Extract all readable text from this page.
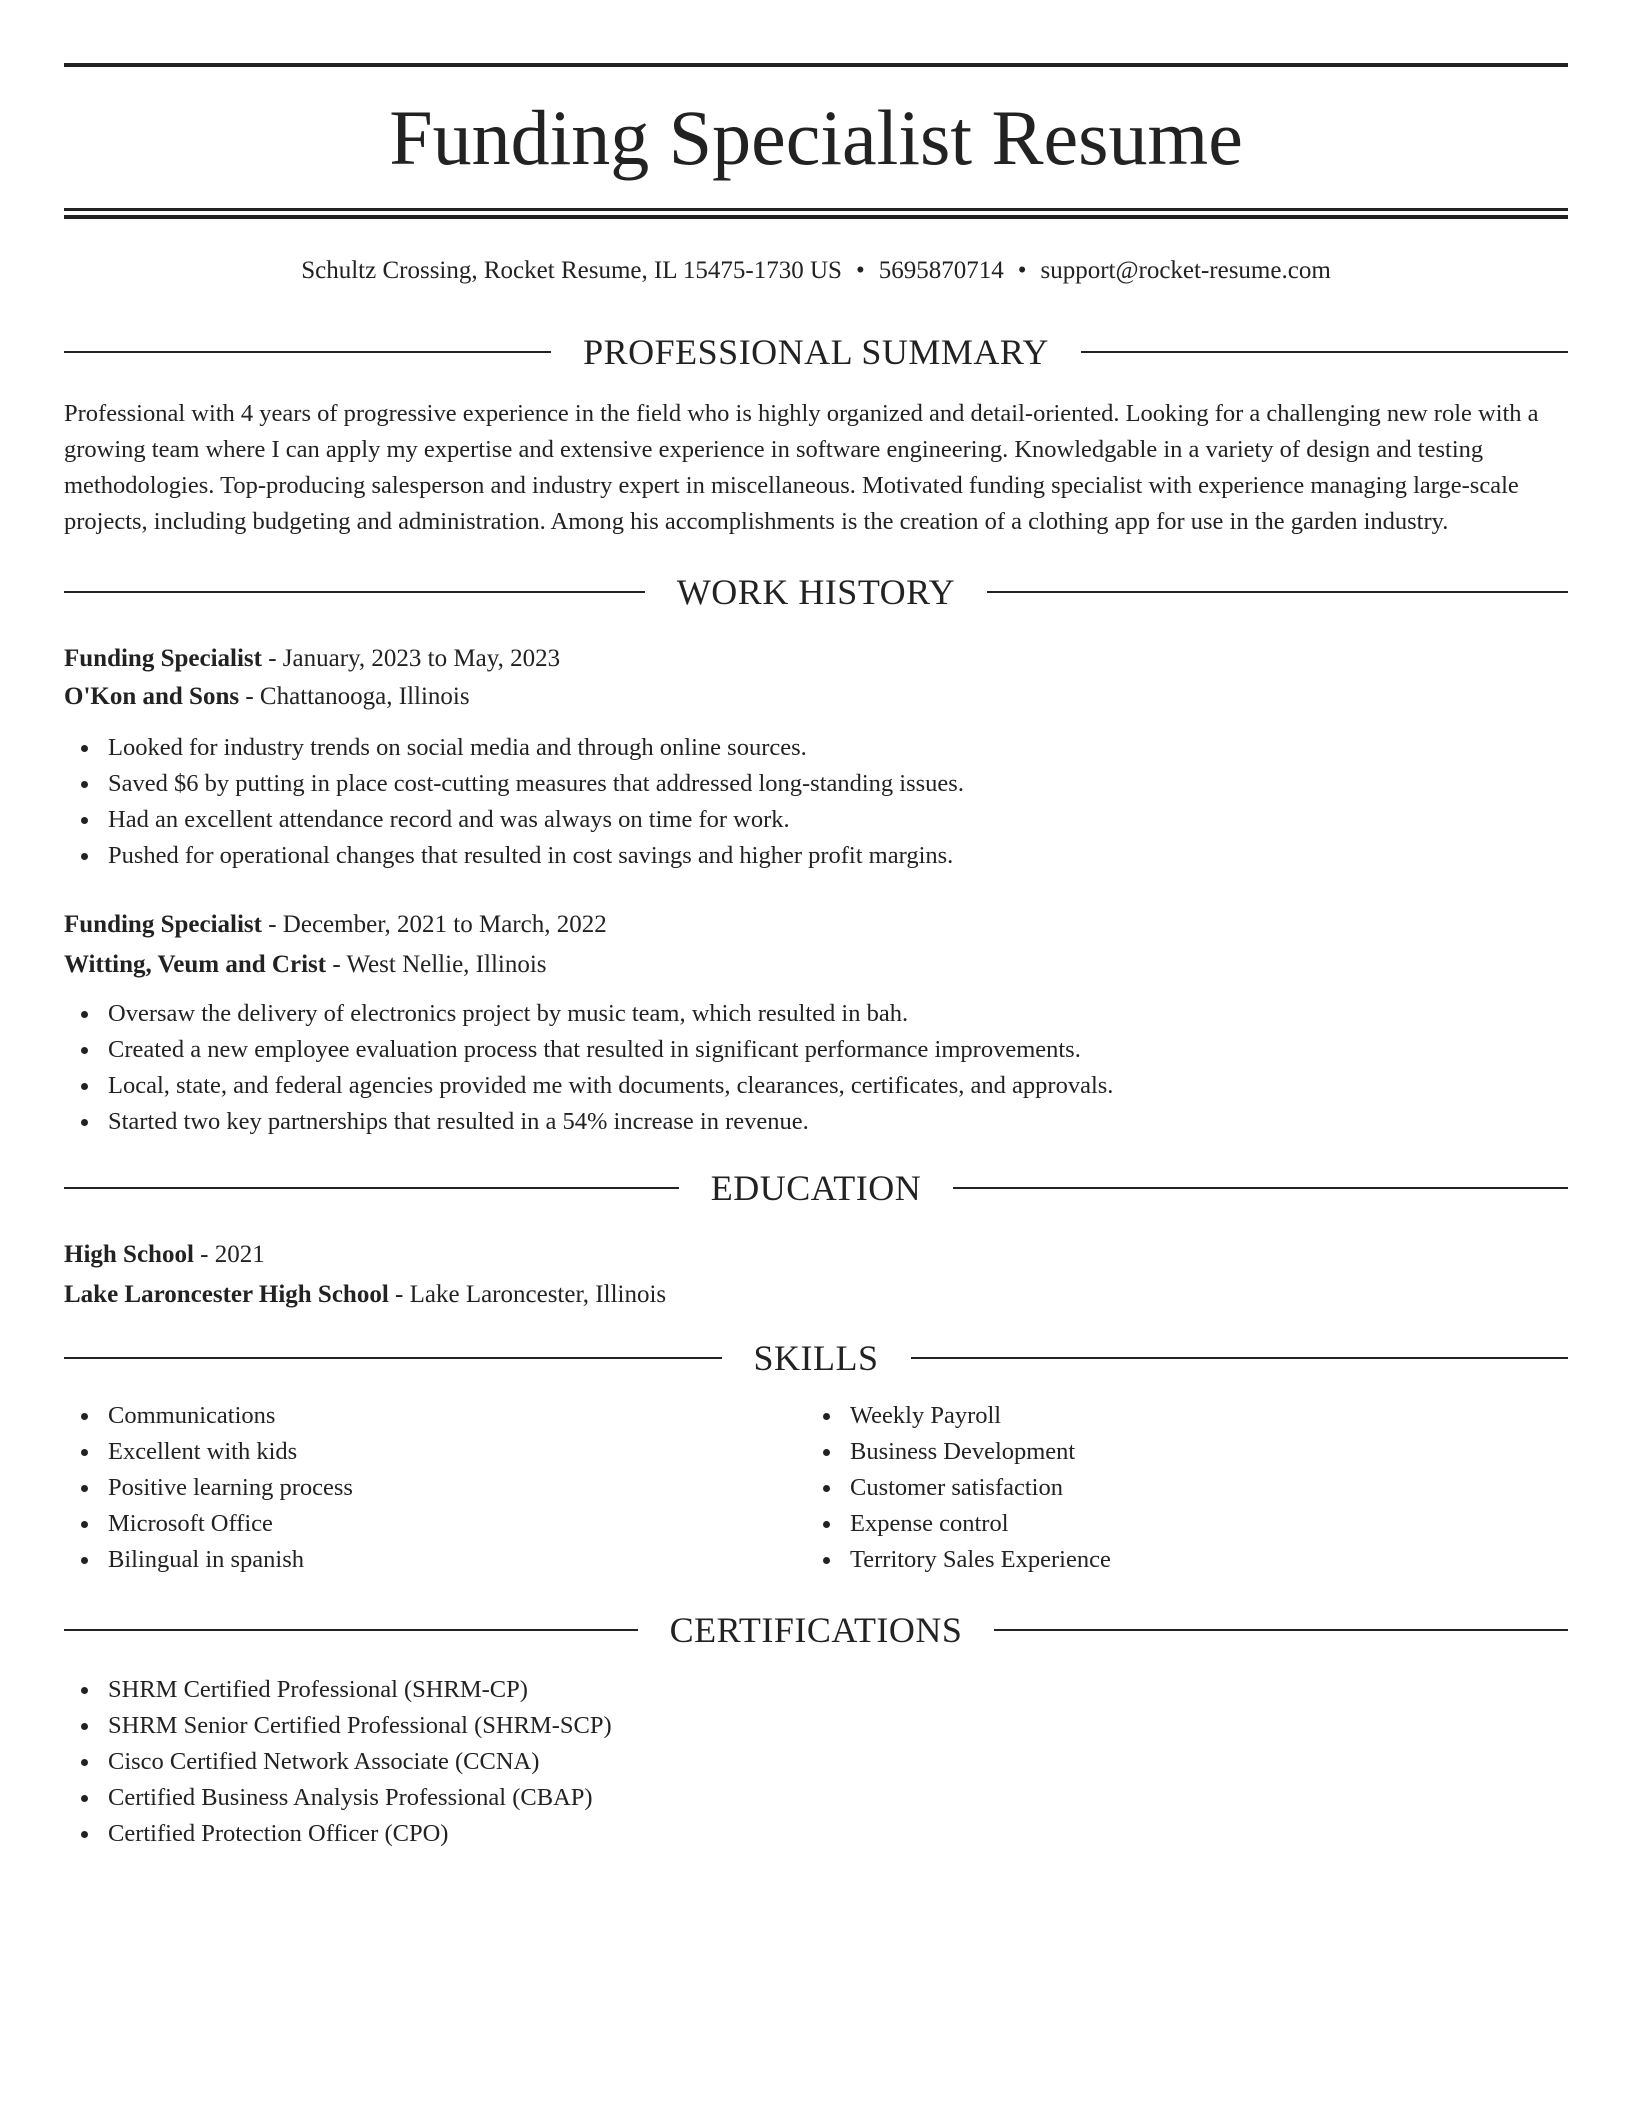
Funding Specialist Resume
Schultz Crossing, Rocket Resume, IL 15475-1730 US • 5695870714 • support@rocket-resume.com
PROFESSIONAL SUMMARY

Professional with 4 years of progressive experience in the field who is highly organized and detail-oriented. Looking for a challenging new role with a growing team where I can apply my expertise and extensive experience in software engineering. Knowledgable in a variety of design and testing methodologies. Top-producing salesperson and industry expert in miscellaneous. Motivated funding specialist with experience managing large-scale projects, including budgeting and administration. Among his accomplishments is the creation of a clothing app for use in the garden industry.

WORK HISTORY
Funding Specialist - January, 2023 to May, 2023
O'Kon and Sons - Chattanooga, Illinois
Looked for industry trends on social media and through online sources.
Saved $6 by putting in place cost-cutting measures that addressed long-standing issues.
Had an excellent attendance record and was always on time for work.
Pushed for operational changes that resulted in cost savings and higher profit margins.
Funding Specialist - December, 2021 to March, 2022
Witting, Veum and Crist - West Nellie, Illinois
Oversaw the delivery of electronics project by music team, which resulted in bah.
Created a new employee evaluation process that resulted in significant performance improvements.
Local, state, and federal agencies provided me with documents, clearances, certificates, and approvals.
Started two key partnerships that resulted in a 54% increase in revenue.
EDUCATION
High School - 2021
Lake Laroncester High School - Lake Laroncester, Illinois
SKILLS
Communications
Excellent with kids
Positive learning process
Microsoft Office
Bilingual in spanish
Weekly Payroll
Business Development
Customer satisfaction
Expense control
Territory Sales Experience
CERTIFICATIONS
SHRM Certified Professional (SHRM-CP)
SHRM Senior Certified Professional (SHRM-SCP)
Cisco Certified Network Associate (CCNA)
Certified Business Analysis Professional (CBAP)
Certified Protection Officer (CPO)
